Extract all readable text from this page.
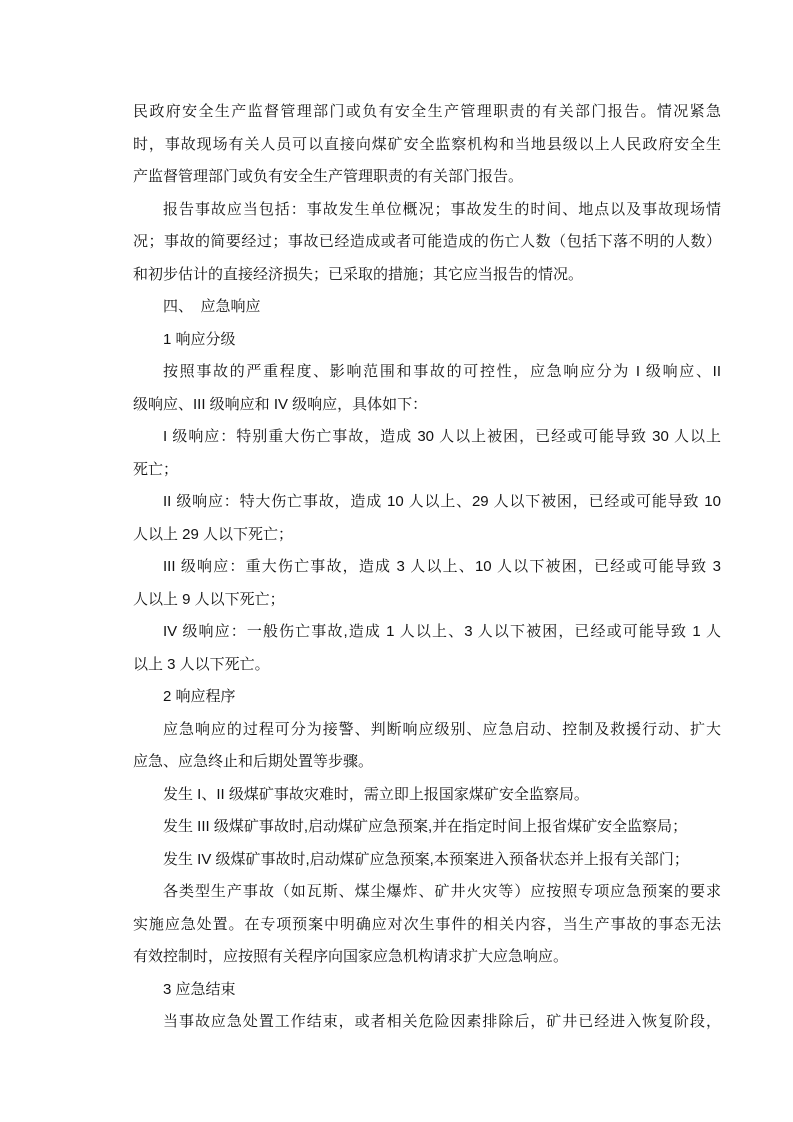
民政府安全生产监督管理部门或负有安全生产管理职责的有关部门报告。情况紧急
时，事故现场有关人员可以直接向煤矿安全监察机构和当地县级以上人民政府安全生
产监督管理部门或负有安全生产管理职责的有关部门报告。
报告事故应当包括：事故发生单位概况；事故发生的时间、地点以及事故现场情
况；事故的简要经过；事故已经造成或者可能造成的伤亡人数（包括下落不明的人数）
和初步估计的直接经济损失；已采取的措施；其它应当报告的情况。
四、　应急响应
1 响应分级
按照事故的严重程度、影响范围和事故的可控性，应急响应分为 I 级响应、II
级响应、III 级响应和 IV 级响应，具体如下：
I 级响应：特别重大伤亡事故，造成 30 人以上被困，已经或可能导致 30 人以上
死亡；
II 级响应：特大伤亡事故，造成 10 人以上、29 人以下被困，已经或可能导致 10
人以上 29 人以下死亡；
III 级响应：重大伤亡事故，造成 3 人以上、10 人以下被困，已经或可能导致 3
人以上 9 人以下死亡；
IV 级响应：一般伤亡事故,造成 1 人以上、3 人以下被困，已经或可能导致 1 人
以上 3 人以下死亡。
2 响应程序
应急响应的过程可分为接警、判断响应级别、应急启动、控制及救援行动、扩大
应急、应急终止和后期处置等步骤。
发生 I、II 级煤矿事故灾难时，需立即上报国家煤矿安全监察局。
发生 III 级煤矿事故时,启动煤矿应急预案,并在指定时间上报省煤矿安全监察局；
发生 IV 级煤矿事故时,启动煤矿应急预案,本预案进入预备状态并上报有关部门；
各类型生产事故（如瓦斯、煤尘爆炸、矿井火灾等）应按照专项应急预案的要求
实施应急处置。在专项预案中明确应对次生事件的相关内容，当生产事故的事态无法
有效控制时，应按照有关程序向国家应急机构请求扩大应急响应。
3 应急结束
当事故应急处置工作结束，或者相关危险因素排除后，矿井已经进入恢复阶段，
